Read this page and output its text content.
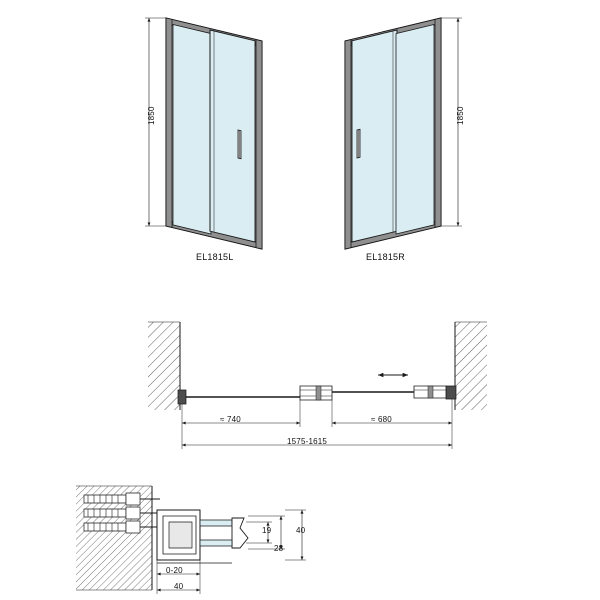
1850	1850
EL1815L	EL1815R
≈ 740	≈ 680
1575-1615
19
28
40
0-20
40
